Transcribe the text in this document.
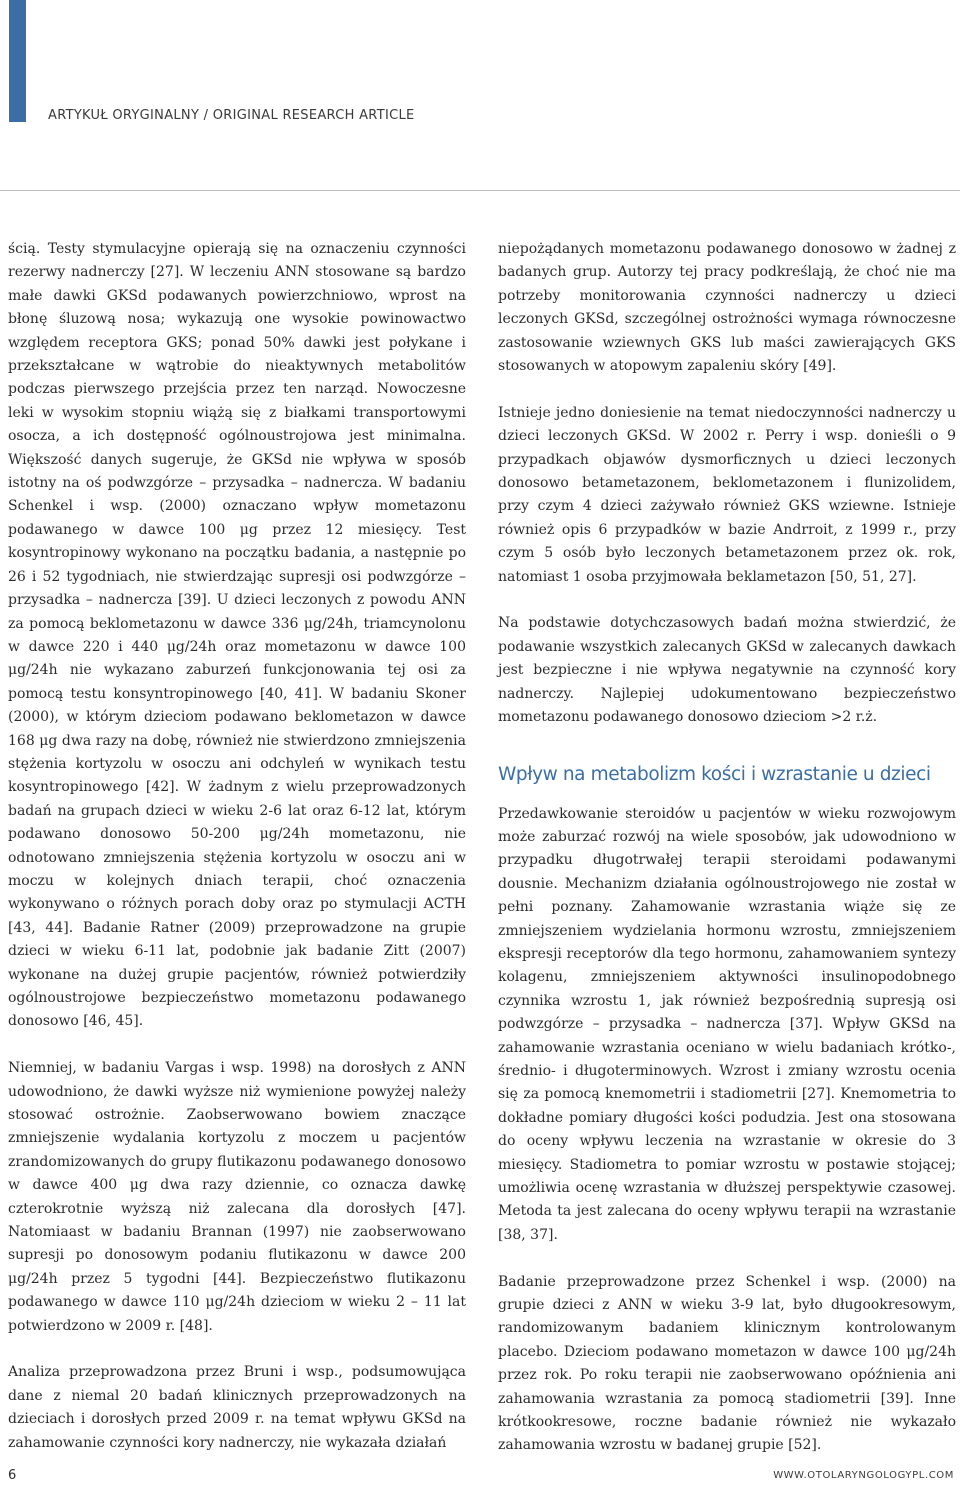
ARTYKUŁ ORYGINALNY / ORIGINAL RESEARCH ARTICLE

ścią. Testy stymulacyjne opierają się na oznaczeniu czynności rezerwy nadnerczy [27]. W leczeniu ANN stosowane są bardzo małe dawki GKSd podawanych powierzchniowo, wprost na błonę śluzową nosa; wykazują one wysokie powinowactwo względem receptora GKS; ponad 50% dawki jest połykane i przekształcane w wątrobie do nieaktywnych metabolitów podczas pierwszego przejścia przez ten narząd. Nowoczesne leki w wysokim stopniu wiążą się z białkami transportowymi osocza, a ich dostępność ogólnoustrojowa jest minimalna. Większość danych sugeruje, że GKSd nie wpływa w sposób istotny na oś podwzgórze – przysadka – nadnercza. W badaniu Schenkel i wsp. (2000) oznaczano wpływ mometazonu podawanego w dawce 100 μg przez 12 miesięcy. Test kosyntropinowy wykonano na początku badania, a następnie po 26 i 52 tygodniach, nie stwierdzając supresji osi podwzgórze – przysadka – nadnercza [39]. U dzieci leczonych z powodu ANN za pomocą beklometazonu w dawce 336 μg/24h, triamcynolonu w dawce 220 i 440 μg/24h oraz mometazonu w dawce 100 μg/24h nie wykazano zaburzeń funkcjonowania tej osi za pomocą testu konsyntropinowego [40, 41]. W badaniu Skoner (2000), w którym dzieciom podawano beklometazon w dawce 168 μg dwa razy na dobę, również nie stwierdzono zmniejszenia stężenia kortyzolu w osoczu ani odchyleń w wynikach testu kosyntropinowego [42]. W żadnym z wielu przeprowadzonych badań na grupach dzieci w wieku 2-6 lat oraz 6-12 lat, którym podawano donosowo 50-200 μg/24h mometazonu, nie odnotowano zmniejszenia stężenia kortyzolu w osoczu ani w moczu w kolejnych dniach terapii, choć oznaczenia wykonywano o różnych porach doby oraz po stymulacji ACTH [43, 44]. Badanie Ratner (2009) przeprowadzone na grupie dzieci w wieku 6-11 lat, podobnie jak badanie Zitt (2007) wykonane na dużej grupie pacjentów, również potwierdziły ogólnoustrojowe bezpieczeństwo mometazonu podawanego donosowo [46, 45].

Niemniej, w badaniu Vargas i wsp. 1998) na dorosłych z ANN udowodniono, że dawki wyższe niż wymienione powyżej należy stosować ostrożnie. Zaobserwowano bowiem znaczące zmniejszenie wydalania kortyzolu z moczem u pacjentów zrandomizowanych do grupy flutikazonu podawanego donosowo w dawce 400 μg dwa razy dziennie, co oznacza dawkę czterokrotnie wyższą niż zalecana dla dorosłych [47]. Natomiaast w badaniu Brannan (1997) nie zaobserwowano supresji po donosowym podaniu flutikazonu w dawce 200 μg/24h przez 5 tygodni [44]. Bezpieczeństwo flutikazonu podawanego w dawce 110 μg/24h dzieciom w wieku 2 – 11 lat potwierdzono w 2009 r. [48].

Analiza przeprowadzona przez Bruni i wsp., podsumowująca dane z niemal 20 badań klinicznych przeprowadzonych na dzieciach i dorosłych przed 2009 r. na temat wpływu GKSd na zahamowanie czynności kory nadnerczy, nie wykazała działań

niepożądanych mometazonu podawanego donosowo w żadnej z badanych grup. Autorzy tej pracy podkreślają, że choć nie ma potrzeby monitorowania czynności nadnerczy u dzieci leczonych GKSd, szczególnej ostrożności wymaga równoczesne zastosowanie wziewnych GKS lub maści zawierających GKS stosowanych w atopowym zapaleniu skóry [49].

Istnieje jedno doniesienie na temat niedoczynności nadnerczy u dzieci leczonych GKSd. W 2002 r. Perry i wsp. donieśli o 9 przypadkach objawów dysmorficznych u dzieci leczonych donosowo betametazonem, beklometazonem i flunizolidem, przy czym 4 dzieci zażywało również GKS wziewne. Istnieje również opis 6 przypadków w bazie Andrroit, z 1999 r., przy czym 5 osób było leczonych betametazonem przez ok. rok, natomiast 1 osoba przyjmowała beklametazon [50, 51, 27].

Na podstawie dotychczasowych badań można stwierdzić, że podawanie wszystkich zalecanych GKSd w zalecanych dawkach jest bezpieczne i nie wpływa negatywnie na czynność kory nadnerczy. Najlepiej udokumentowano bezpieczeństwo mometazonu podawanego donosowo dzieciom >2 r.ż.

Wpływ na metabolizm kości i wzrastanie u dzieci

Przedawkowanie steroidów u pacjentów w wieku rozwojowym może zaburzać rozwój na wiele sposobów, jak udowodniono w przypadku długotrwałej terapii steroidami podawanymi dousnie. Mechanizm działania ogólnoustrojowego nie został w pełni poznany. Zahamowanie wzrastania wiąże się ze zmniejszeniem wydzielania hormonu wzrostu, zmniejszeniem ekspresji receptorów dla tego hormonu, zahamowaniem syntezy kolagenu, zmniejszeniem aktywności insulinopodobnego czynnika wzrostu 1, jak również bezpośrednią supresją osi podwzgórze – przysadka – nadnercza [37]. Wpływ GKSd na zahamowanie wzrastania oceniano w wielu badaniach krótko-, średnio- i długoterminowych. Wzrost i zmiany wzrostu ocenia się za pomocą knemometrii i stadiometrii [27]. Knemometria to dokładne pomiary długości kości podudzia. Jest ona stosowana do oceny wpływu leczenia na wzrastanie w okresie do 3 miesięcy. Stadiometra to pomiar wzrostu w postawie stojącej; umożliwia ocenę wzrastania w dłuższej perspektywie czasowej. Metoda ta jest zalecana do oceny wpływu terapii na wzrastanie [38, 37].

Badanie przeprowadzone przez Schenkel i wsp. (2000) na grupie dzieci z ANN w wieku 3-9 lat, było długookresowym, randomizowanym badaniem klinicznym kontrolowanym placebo. Dzieciom podawano mometazon w dawce 100 μg/24h przez rok. Po roku terapii nie zaobserwowano opóźnienia ani zahamowania wzrastania za pomocą stadiometrii [39]. Inne krótkookresowe, roczne badanie również nie wykazało zahamowania wzrostu w badanej grupie [52].

6	WWW.OTOLARYNGOLOGYPL.COM
